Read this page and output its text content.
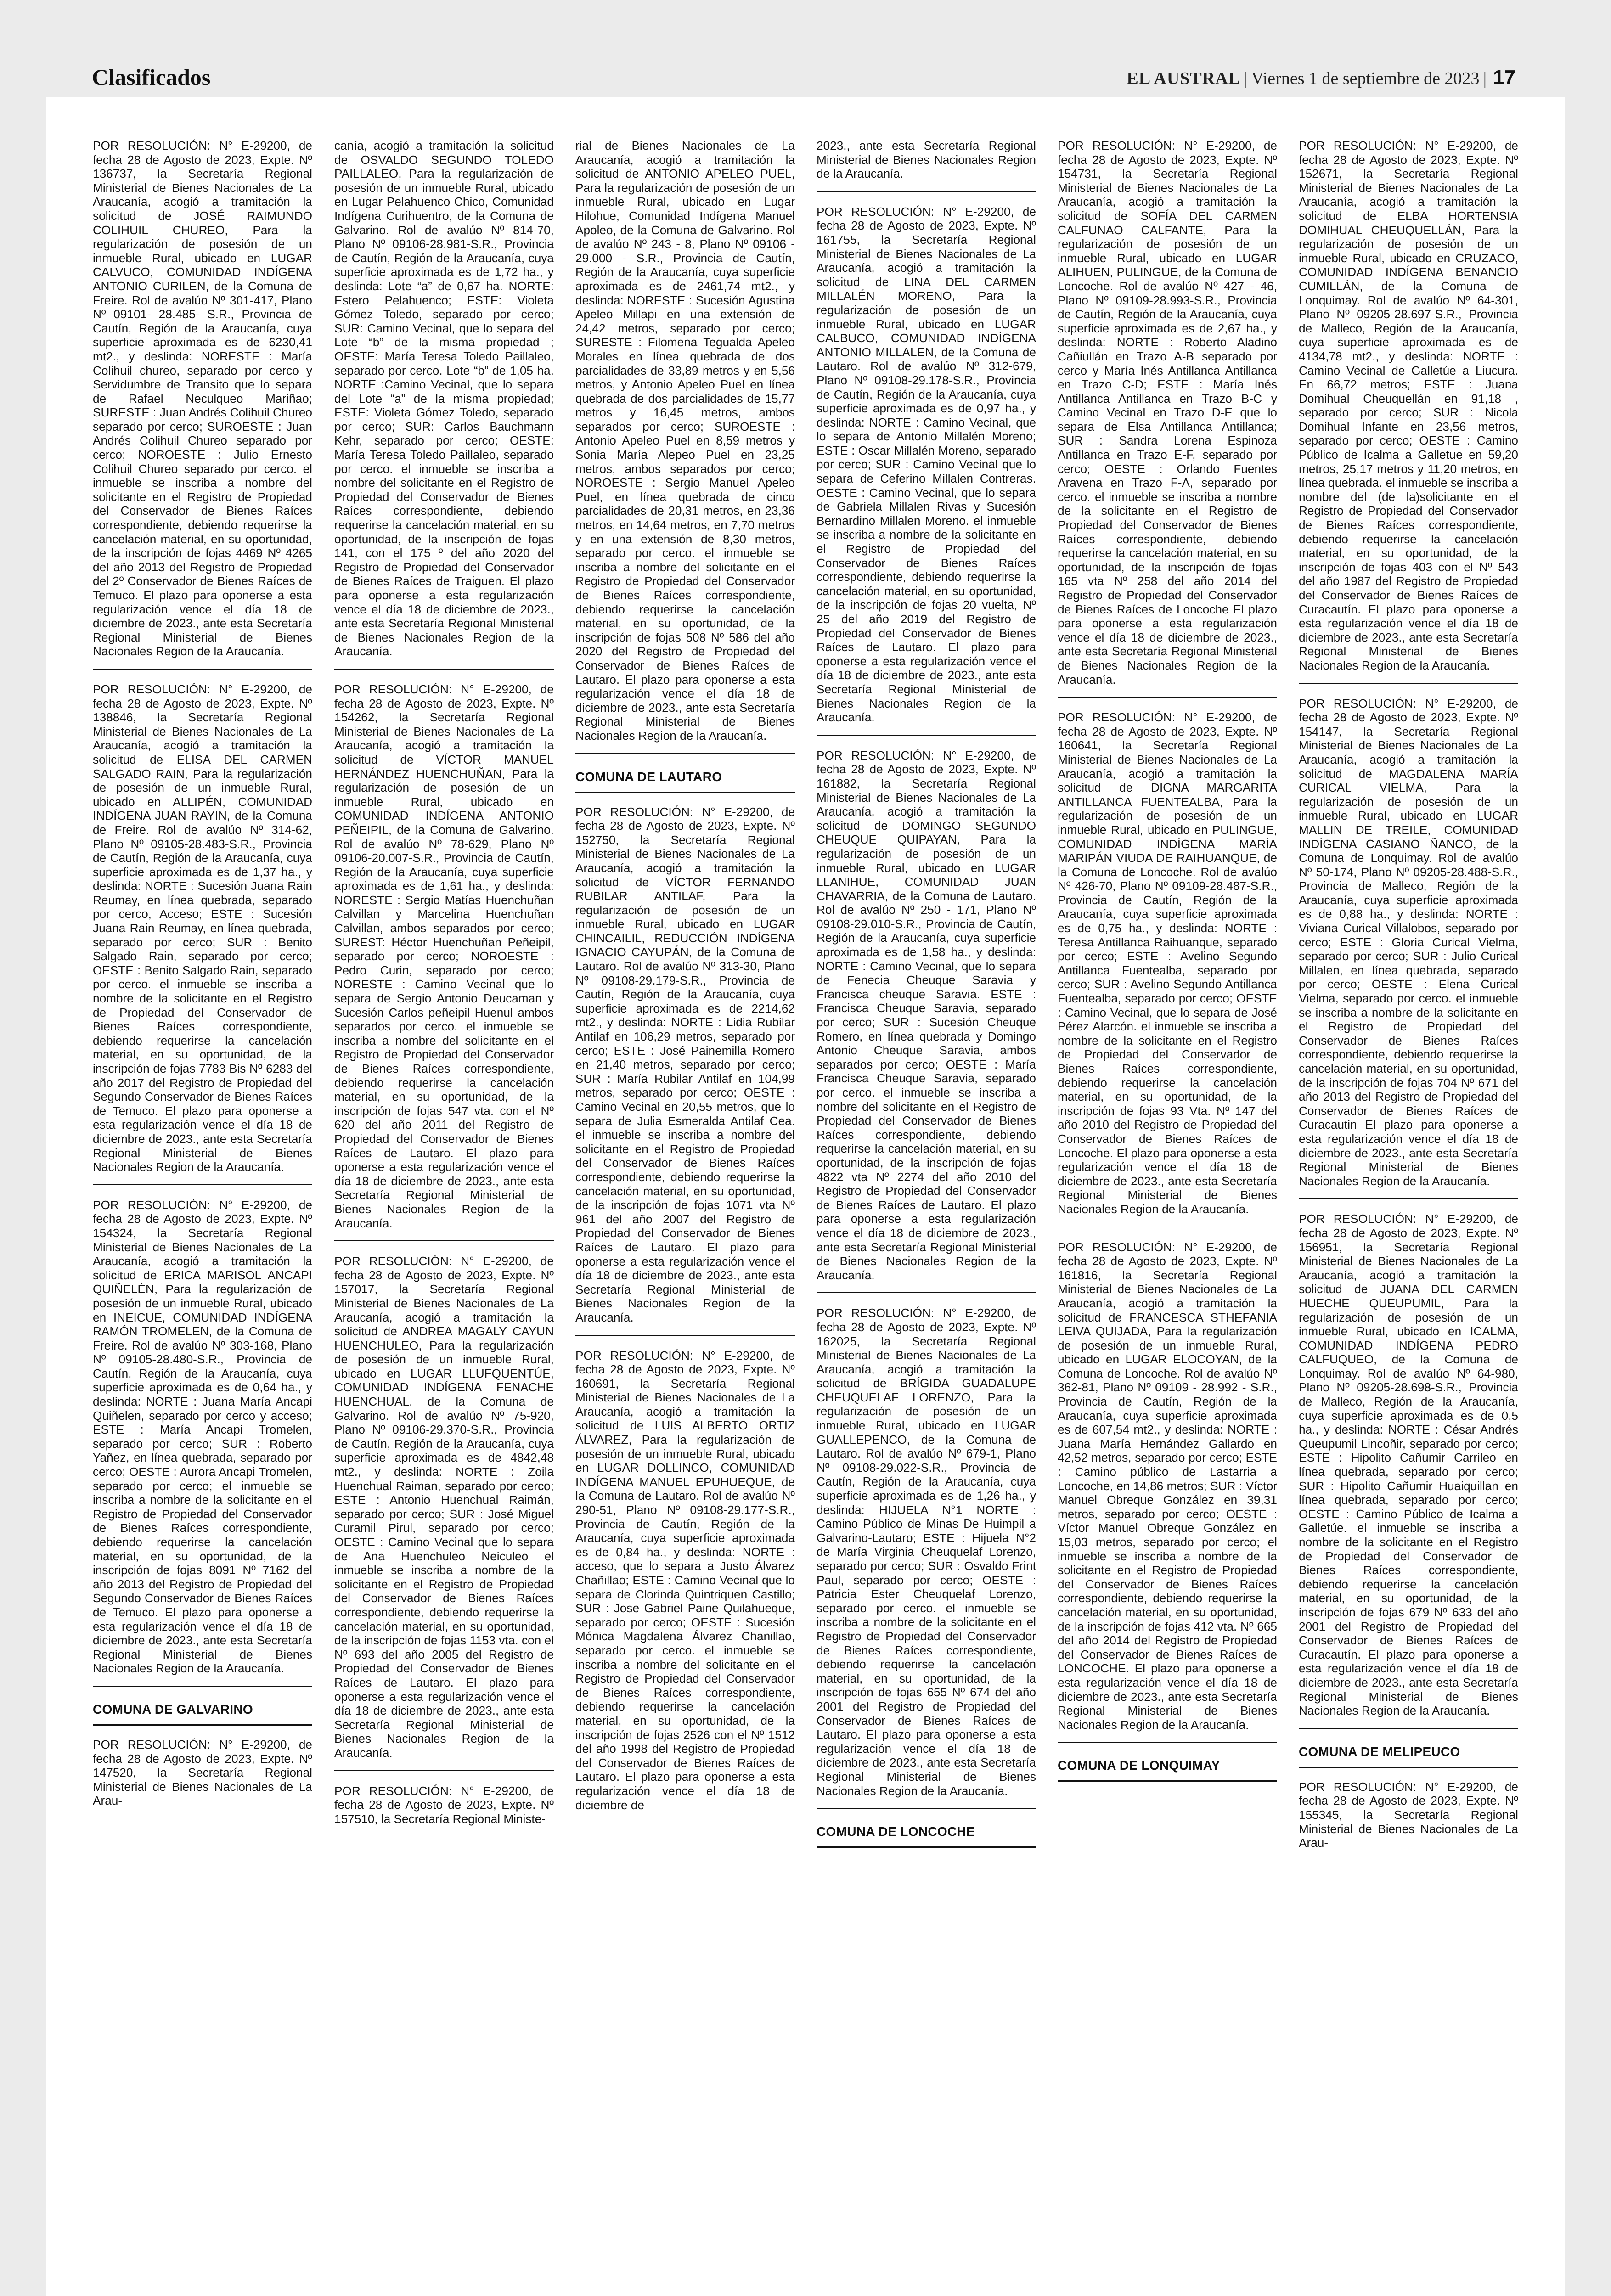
Clasificados	EL AUSTRAL | Viernes 1 de septiembre de 2023 | 17
POR RESOLUCIÓN: N° E-29200, de fecha 28 de Agosto de 2023, Expte. Nº 136737, la Secretaría Regional Ministerial de Bienes Nacionales de La Araucanía, acogió a tramitación la solicitud de JOSÉ RAIMUNDO COLIHUIL CHUREO, Para la regularización de posesión de un inmueble Rural, ubicado en LUGAR CALVUCO, COMUNIDAD INDÍGENA ANTONIO CURILEN, de la Comuna de Freire. Rol de avalúo Nº 301-417, Plano Nº 09101- 28.485- S.R., Provincia de Cautín, Región de la Araucanía, cuya superficie aproximada es de 6230,41 mt2., y deslinda: NORESTE : María Colihuil chureo, separado por cerco y Servidumbre de Transito que lo separa de Rafael Neculqueo Mariñao; SURESTE : Juan Andrés Colihuil Chureo separado por cerco; SUROESTE : Juan Andrés Colihuil Chureo separado por cerco; NOROESTE : Julio Ernesto Colihuil Chureo separado por cerco. el inmueble se inscriba a nombre del solicitante en el Registro de Propiedad del Conservador de Bienes Raíces correspondiente, debiendo requerirse la cancelación material, en su oportunidad, de la inscripción de fojas 4469 Nº 4265 del año 2013 del Registro de Propiedad del 2º Conservador de Bienes Raíces de Temuco. El plazo para oponerse a esta regularización vence el día 18 de diciembre de 2023., ante esta Secretaría Regional Ministerial de Bienes Nacionales Region de la Araucanía.
POR RESOLUCIÓN: N° E-29200, de fecha 28 de Agosto de 2023, Expte. Nº 138846, la Secretaría Regional Ministerial de Bienes Nacionales de La Araucanía, acogió a tramitación la solicitud de ELISA DEL CARMEN SALGADO RAIN, Para la regularización de posesión de un inmueble Rural, ubicado en ALLIPÉN, COMUNIDAD INDÍGENA JUAN RAYIN, de la Comuna de Freire. Rol de avalúo Nº 314-62, Plano Nº 09105-28.483-S.R., Provincia de Cautín, Región de la Araucanía, cuya superficie aproximada es de 1,37 ha., y deslinda: NORTE : Sucesión Juana Rain Reumay, en línea quebrada, separado por cerco, Acceso; ESTE : Sucesión Juana Rain Reumay, en línea quebrada, separado por cerco; SUR : Benito Salgado Rain, separado por cerco; OESTE : Benito Salgado Rain, separado por cerco. el inmueble se inscriba a nombre de la solicitante en el Registro de Propiedad del Conservador de Bienes Raíces correspondiente, debiendo requerirse la cancelación material, en su oportunidad, de la inscripción de fojas 7783 Bis Nº 6283 del año 2017 del Registro de Propiedad del Segundo Conservador de Bienes Raíces de Temuco. El plazo para oponerse a esta regularización vence el día 18 de diciembre de 2023., ante esta Secretaría Regional Ministerial de Bienes Nacionales Region de la Araucanía.
POR RESOLUCIÓN: N° E-29200, de fecha 28 de Agosto de 2023, Expte. Nº 154324, la Secretaría Regional Ministerial de Bienes Nacionales de La Araucanía, acogió a tramitación la solicitud de ERICA MARISOL ANCAPI QUIÑELÉN, Para la regularización de posesión de un inmueble Rural, ubicado en INEICUE, COMUNIDAD INDÍGENA RAMÓN TROMELEN, de la Comuna de Freire. Rol de avalúo Nº 303-168, Plano Nº 09105-28.480-S.R., Provincia de Cautín, Región de la Araucanía, cuya superficie aproximada es de 0,64 ha., y deslinda: NORTE : Juana María Ancapi Quiñelen, separado por cerco y acceso; ESTE : María Ancapi Tromelen, separado por cerco; SUR : Roberto Yañez, en línea quebrada, separado por cerco; OESTE : Aurora Ancapi Tromelen, separado por cerco; el inmueble se inscriba a nombre de la solicitante en el Registro de Propiedad del Conservador de Bienes Raíces correspondiente, debiendo requerirse la cancelación material, en su oportunidad, de la inscripción de fojas 8091 Nº 7162 del año 2013 del Registro de Propiedad del Segundo Conservador de Bienes Raíces de Temuco. El plazo para oponerse a esta regularización vence el día 18 de diciembre de 2023., ante esta Secretaría Regional Ministerial de Bienes Nacionales Region de la Araucanía.
COMUNA DE GALVARINO
POR RESOLUCIÓN: N° E-29200, de fecha 28 de Agosto de 2023, Expte. Nº 147520, la Secretaría Regional Ministerial de Bienes Nacionales de La Arau-
canía, acogió a tramitación la solicitud de OSVALDO SEGUNDO TOLEDO PAILLALEO, Para la regularización de posesión de un inmueble Rural, ubicado en Lugar Pelahuenco Chico, Comunidad Indígena Curihuentro, de la Comuna de Galvarino. Rol de avalúo Nº 814-70, Plano Nº 09106-28.981-S.R., Provincia de Cautín, Región de la Araucanía, cuya superficie aproximada es de 1,72 ha., y deslinda: Lote “a” de 0,67 ha. NORTE: Estero Pelahuenco; ESTE: Violeta Gómez Toledo, separado por cerco; SUR: Camino Vecinal, que lo separa del Lote “b” de la misma propiedad ; OESTE: María Teresa Toledo Paillaleo, separado por cerco. Lote “b” de 1,05 ha. NORTE :Camino Vecinal, que lo separa del Lote “a” de la misma propiedad; ESTE: Violeta Gómez Toledo, separado por cerco; SUR: Carlos Bauchmann Kehr, separado por cerco; OESTE: María Teresa Toledo Paillaleo, separado por cerco. el inmueble se inscriba a nombre del solicitante en el Registro de Propiedad del Conservador de Bienes Raíces correspondiente, debiendo requerirse la cancelación material, en su oportunidad, de la inscripción de fojas 141, con el 175 º del año 2020 del Registro de Propiedad del Conservador de Bienes Raíces de Traiguen. El plazo para oponerse a esta regularización vence el día 18 de diciembre de 2023., ante esta Secretaría Regional Ministerial de Bienes Nacionales Region de la Araucanía.
POR RESOLUCIÓN: N° E-29200, de fecha 28 de Agosto de 2023, Expte. Nº 154262, la Secretaría Regional Ministerial de Bienes Nacionales de La Araucanía, acogió a tramitación la solicitud de VÍCTOR MANUEL HERNÁNDEZ HUENCHUÑAN, Para la regularización de posesión de un inmueble Rural, ubicado en COMUNIDAD INDÍGENA ANTONIO PEÑEIPIL, de la Comuna de Galvarino. Rol de avalúo Nº 78-629, Plano Nº 09106-20.007-S.R., Provincia de Cautín, Región de la Araucanía, cuya superficie aproximada es de 1,61 ha., y deslinda: NORESTE : Sergio Matías Huenchuñan Calvillan y Marcelina Huenchuñan Calvillan, ambos separados por cerco; SUREST: Héctor Huenchuñan Peñeipil, separado por cerco; NOROESTE : Pedro Curin, separado por cerco; NORESTE : Camino Vecinal que lo separa de Sergio Antonio Deucaman y Sucesión Carlos peñeipil Huenul ambos separados por cerco. el inmueble se inscriba a nombre del solicitante en el Registro de Propiedad del Conservador de Bienes Raíces correspondiente, debiendo requerirse la cancelación material, en su oportunidad, de la inscripción de fojas 547 vta. con el Nº 620 del año 2011 del Registro de Propiedad del Conservador de Bienes Raíces de Lautaro. El plazo para oponerse a esta regularización vence el día 18 de diciembre de 2023., ante esta Secretaría Regional Ministerial de Bienes Nacionales Region de la Araucanía.
POR RESOLUCIÓN: N° E-29200, de fecha 28 de Agosto de 2023, Expte. Nº 157017, la Secretaría Regional Ministerial de Bienes Nacionales de La Araucanía, acogió a tramitación la solicitud de ANDREA MAGALY CAYUN HUENCHULEO, Para la regularización de posesión de un inmueble Rural, ubicado en LUGAR LLUFQUENTÚE, COMUNIDAD INDÍGENA FENACHE HUENCHUAL, de la Comuna de Galvarino. Rol de avalúo Nº 75-920, Plano Nº 09106-29.370-S.R., Provincia de Cautín, Región de la Araucanía, cuya superficie aproximada es de 4842,48 mt2., y deslinda: NORTE : Zoila Huenchual Raiman, separado por cerco; ESTE : Antonio Huenchual Raimán, separado por cerco; SUR : José Miguel Curamil Pirul, separado por cerco; OESTE : Camino Vecinal que lo separa de Ana Huenchuleo Neiculeo el inmueble se inscriba a nombre de la solicitante en el Registro de Propiedad del Conservador de Bienes Raíces correspondiente, debiendo requerirse la cancelación material, en su oportunidad, de la inscripción de fojas 1153 vta. con el Nº 693 del año 2005 del Registro de Propiedad del Conservador de Bienes Raíces de Lautaro. El plazo para oponerse a esta regularización vence el día 18 de diciembre de 2023., ante esta Secretaría Regional Ministerial de Bienes Nacionales Region de la Araucanía.
POR RESOLUCIÓN: N° E-29200, de fecha 28 de Agosto de 2023, Expte. Nº 157510, la Secretaría Regional Ministe-
rial de Bienes Nacionales de La Araucanía, acogió a tramitación la solicitud de ANTONIO APELEO PUEL, Para la regularización de posesión de un inmueble Rural, ubicado en Lugar Hilohue, Comunidad Indígena Manuel Apoleo, de la Comuna de Galvarino. Rol de avalúo Nº 243 - 8, Plano Nº 09106 - 29.000 - S.R., Provincia de Cautín, Región de la Araucanía, cuya superficie aproximada es de 2461,74 mt2., y deslinda: NORESTE : Sucesión Agustina Apeleo Millapi en una extensión de 24,42 metros, separado por cerco; SURESTE : Filomena Tegualda Apeleo Morales en línea quebrada de dos parcialidades de 33,89 metros y en 5,56 metros, y Antonio Apeleo Puel en línea quebrada de dos parcialidades de 15,77 metros y 16,45 metros, ambos separados por cerco; SUROESTE : Antonio Apeleo Puel en 8,59 metros y Sonia María Alepeo Puel en 23,25 metros, ambos separados por cerco; NOROESTE : Sergio Manuel Apeleo Puel, en línea quebrada de cinco parcialidades de 20,31 metros, en 23,36 metros, en 14,64 metros, en 7,70 metros y en una extensión de 8,30 metros, separado por cerco. el inmueble se inscriba a nombre del solicitante en el Registro de Propiedad del Conservador de Bienes Raíces correspondiente, debiendo requerirse la cancelación material, en su oportunidad, de la inscripción de fojas 508 Nº 586 del año 2020 del Registro de Propiedad del Conservador de Bienes Raíces de Lautaro. El plazo para oponerse a esta regularización vence el día 18 de diciembre de 2023., ante esta Secretaría Regional Ministerial de Bienes Nacionales Region de la Araucanía.
COMUNA DE LAUTARO
POR RESOLUCIÓN: N° E-29200, de fecha 28 de Agosto de 2023, Expte. Nº 152750, la Secretaría Regional Ministerial de Bienes Nacionales de La Araucanía, acogió a tramitación la solicitud de VÍCTOR FERNANDO RUBILAR ANTILAF, Para la regularización de posesión de un inmueble Rural, ubicado en LUGAR CHINCAILIL, REDUCCIÓN INDÍGENA IGNACIO CAYUPÁN, de la Comuna de Lautaro. Rol de avalúo Nº 313-30, Plano Nº 09108-29.179-S.R., Provincia de Cautín, Región de la Araucanía, cuya superficie aproximada es de 2214,62 mt2., y deslinda: NORTE : Lidia Rubilar Antilaf en 106,29 metros, separado por cerco; ESTE : José Painemilla Romero en 21,40 metros, separado por cerco; SUR : María Rubilar Antilaf en 104,99 metros, separado por cerco; OESTE : Camino Vecinal en 20,55 metros, que lo separa de Julia Esmeralda Antilaf Cea. el inmueble se inscriba a nombre del solicitante en el Registro de Propiedad del Conservador de Bienes Raíces correspondiente, debiendo requerirse la cancelación material, en su oportunidad, de la inscripción de fojas 1071 vta Nº 961 del año 2007 del Registro de Propiedad del Conservador de Bienes Raíces de Lautaro. El plazo para oponerse a esta regularización vence el día 18 de diciembre de 2023., ante esta Secretaría Regional Ministerial de Bienes Nacionales Region de la Araucanía.
POR RESOLUCIÓN: N° E-29200, de fecha 28 de Agosto de 2023, Expte. Nº 160691, la Secretaría Regional Ministerial de Bienes Nacionales de La Araucanía, acogió a tramitación la solicitud de LUIS ALBERTO ORTIZ ÁLVAREZ, Para la regularización de posesión de un inmueble Rural, ubicado en LUGAR DOLLINCO, COMUNIDAD INDÍGENA MANUEL EPUHUEQUE, de la Comuna de Lautaro. Rol de avalúo Nº 290-51, Plano Nº 09108-29.177-S.R., Provincia de Cautín, Región de la Araucanía, cuya superficie aproximada es de 0,84 ha., y deslinda: NORTE : acceso, que lo separa a Justo Álvarez Chañillao; ESTE : Camino Vecinal que lo separa de Clorinda Quintriquen Castillo; SUR : Jose Gabriel Paine Quilahueque, separado por cerco; OESTE : Sucesión Mónica Magdalena Álvarez Chanillao, separado por cerco. el inmueble se inscriba a nombre del solicitante en el Registro de Propiedad del Conservador de Bienes Raíces correspondiente, debiendo requerirse la cancelación material, en su oportunidad, de la inscripción de fojas 2526 con el Nº 1512 del año 1998 del Registro de Propiedad del Conservador de Bienes Raíces de Lautaro. El plazo para oponerse a esta regularización vence el día 18 de diciembre de
2023., ante esta Secretaría Regional Ministerial de Bienes Nacionales Region de la Araucanía.
POR RESOLUCIÓN: N° E-29200, de fecha 28 de Agosto de 2023, Expte. Nº 161755, la Secretaría Regional Ministerial de Bienes Nacionales de La Araucanía, acogió a tramitación la solicitud de LINA DEL CARMEN MILLALÉN MORENO, Para la regularización de posesión de un inmueble Rural, ubicado en LUGAR CALBUCO, COMUNIDAD INDÍGENA ANTONIO MILLALEN, de la Comuna de Lautaro. Rol de avalúo Nº 312-679, Plano Nº 09108-29.178-S.R., Provincia de Cautín, Región de la Araucanía, cuya superficie aproximada es de 0,97 ha., y deslinda: NORTE : Camino Vecinal, que lo separa de Antonio Millalén Moreno; ESTE : Oscar Millalén Moreno, separado por cerco; SUR : Camino Vecinal que lo separa de Ceferino Millalen Contreras. OESTE : Camino Vecinal, que lo separa de Gabriela Millalen Rivas y Sucesión Bernardino Millalen Moreno. el inmueble se inscriba a nombre de la solicitante en el Registro de Propiedad del Conservador de Bienes Raíces correspondiente, debiendo requerirse la cancelación material, en su oportunidad, de la inscripción de fojas 20 vuelta, Nº 25 del año 2019 del Registro de Propiedad del Conservador de Bienes Raíces de Lautaro. El plazo para oponerse a esta regularización vence el día 18 de diciembre de 2023., ante esta Secretaría Regional Ministerial de Bienes Nacionales Region de la Araucanía.
POR RESOLUCIÓN: N° E-29200, de fecha 28 de Agosto de 2023, Expte. Nº 161882, la Secretaría Regional Ministerial de Bienes Nacionales de La Araucanía, acogió a tramitación la solicitud de DOMINGO SEGUNDO CHEUQUE QUIPAYAN, Para la regularización de posesión de un inmueble Rural, ubicado en LUGAR LLANIHUE, COMUNIDAD JUAN CHAVARRIA, de la Comuna de Lautaro. Rol de avalúo Nº 250 - 171, Plano Nº 09108-29.010-S.R., Provincia de Cautín, Región de la Araucanía, cuya superficie aproximada es de 1,58 ha., y deslinda: NORTE : Camino Vecinal, que lo separa de Fenecia Cheuque Saravia y Francisca cheuque Saravia. ESTE : Francisca Cheuque Saravia, separado por cerco; SUR : Sucesión Cheuque Romero, en línea quebrada y Domingo Antonio Cheuque Saravia, ambos separados por cerco; OESTE : María Francisca Cheuque Saravia, separado por cerco. el inmueble se inscriba a nombre del solicitante en el Registro de Propiedad del Conservador de Bienes Raíces correspondiente, debiendo requerirse la cancelación material, en su oportunidad, de la inscripción de fojas 4822 vta Nº 2274 del año 2010 del Registro de Propiedad del Conservador de Bienes Raíces de Lautaro. El plazo para oponerse a esta regularización vence el día 18 de diciembre de 2023., ante esta Secretaría Regional Ministerial de Bienes Nacionales Region de la Araucanía.
POR RESOLUCIÓN: N° E-29200, de fecha 28 de Agosto de 2023, Expte. Nº 162025, la Secretaría Regional Ministerial de Bienes Nacionales de La Araucanía, acogió a tramitación la solicitud de BRÍGIDA GUADALUPE CHEUQUELAF LORENZO, Para la regularización de posesión de un inmueble Rural, ubicado en LUGAR GUALLEPENCO, de la Comuna de Lautaro. Rol de avalúo Nº 679-1, Plano Nº 09108-29.022-S.R., Provincia de Cautín, Región de la Araucanía, cuya superficie aproximada es de 1,26 ha., y deslinda: HIJUELA N°1 NORTE : Camino Público de Minas De Huimpil a Galvarino-Lautaro; ESTE : Hijuela N°2 de María Virginia Cheuquelaf Lorenzo, separado por cerco; SUR : Osvaldo Frint Paul, separado por cerco; OESTE : Patricia Ester Cheuquelaf Lorenzo, separado por cerco. el inmueble se inscriba a nombre de la solicitante en el Registro de Propiedad del Conservador de Bienes Raíces correspondiente, debiendo requerirse la cancelación material, en su oportunidad, de la inscripción de fojas 655 Nº 674 del año 2001 del Registro de Propiedad del Conservador de Bienes Raíces de Lautaro. El plazo para oponerse a esta regularización vence el día 18 de diciembre de 2023., ante esta Secretaría Regional Ministerial de Bienes Nacionales Region de la Araucanía.
COMUNA DE LONCOCHE
POR RESOLUCIÓN: N° E-29200, de fecha 28 de Agosto de 2023, Expte. Nº 154731, la Secretaría Regional Ministerial de Bienes Nacionales de La Araucanía, acogió a tramitación la solicitud de SOFÍA DEL CARMEN CALFUNAO CALFANTE, Para la regularización de posesión de un inmueble Rural, ubicado en LUGAR ALIHUEN, PULINGUE, de la Comuna de Loncoche. Rol de avalúo Nº 427 - 46, Plano Nº 09109-28.993-S.R., Provincia de Cautín, Región de la Araucanía, cuya superficie aproximada es de 2,67 ha., y deslinda: NORTE : Roberto Aladino Cañiullán en Trazo A-B separado por cerco y María Inés Antillanca Antillanca en Trazo C-D; ESTE : María Inés Antillanca Antillanca en Trazo B-C y Camino Vecinal en Trazo D-E que lo separa de Elsa Antillanca Antillanca; SUR : Sandra Lorena Espinoza Antillanca en Trazo E-F, separado por cerco; OESTE : Orlando Fuentes Aravena en Trazo F-A, separado por cerco. el inmueble se inscriba a nombre de la solicitante en el Registro de Propiedad del Conservador de Bienes Raíces correspondiente, debiendo requerirse la cancelación material, en su oportunidad, de la inscripción de fojas 165 vta Nº 258 del año 2014 del Registro de Propiedad del Conservador de Bienes Raíces de Loncoche El plazo para oponerse a esta regularización vence el día 18 de diciembre de 2023., ante esta Secretaría Regional Ministerial de Bienes Nacionales Region de la Araucanía.
POR RESOLUCIÓN: N° E-29200, de fecha 28 de Agosto de 2023, Expte. Nº 160641, la Secretaría Regional Ministerial de Bienes Nacionales de La Araucanía, acogió a tramitación la solicitud de DIGNA MARGARITA ANTILLANCA FUENTEALBA, Para la regularización de posesión de un inmueble Rural, ubicado en PULINGUE, COMUNIDAD INDÍGENA MARÍA MARIPÁN VIUDA DE RAIHUANQUE, de la Comuna de Loncoche. Rol de avalúo Nº 426-70, Plano Nº 09109-28.487-S.R., Provincia de Cautín, Región de la Araucanía, cuya superficie aproximada es de 0,75 ha., y deslinda: NORTE : Teresa Antillanca Raihuanque, separado por cerco; ESTE : Avelino Segundo Antillanca Fuentealba, separado por cerco; SUR : Avelino Segundo Antillanca Fuentealba, separado por cerco; OESTE : Camino Vecinal, que lo separa de José Pérez Alarcón. el inmueble se inscriba a nombre de la solicitante en el Registro de Propiedad del Conservador de Bienes Raíces correspondiente, debiendo requerirse la cancelación material, en su oportunidad, de la inscripción de fojas 93 Vta. Nº 147 del año 2010 del Registro de Propiedad del Conservador de Bienes Raíces de Loncoche. El plazo para oponerse a esta regularización vence el día 18 de diciembre de 2023., ante esta Secretaría Regional Ministerial de Bienes Nacionales Region de la Araucanía.
POR RESOLUCIÓN: N° E-29200, de fecha 28 de Agosto de 2023, Expte. Nº 161816, la Secretaría Regional Ministerial de Bienes Nacionales de La Araucanía, acogió a tramitación la solicitud de FRANCESCA STHEFANIA LEIVA QUIJADA, Para la regularización de posesión de un inmueble Rural, ubicado en LUGAR ELOCOYAN, de la Comuna de Loncoche. Rol de avalúo Nº 362-81, Plano Nº 09109 - 28.992 - S.R., Provincia de Cautín, Región de la Araucanía, cuya superficie aproximada es de 607,54 mt2., y deslinda: NORTE : Juana María Hernández Gallardo en 42,52 metros, separado por cerco; ESTE : Camino público de Lastarria a Loncoche, en 14,86 metros; SUR : Víctor Manuel Obreque González en 39,31 metros, separado por cerco; OESTE : Víctor Manuel Obreque González en 15,03 metros, separado por cerco; el inmueble se inscriba a nombre de la solicitante en el Registro de Propiedad del Conservador de Bienes Raíces correspondiente, debiendo requerirse la cancelación material, en su oportunidad, de la inscripción de fojas 412 vta. Nº 665 del año 2014 del Registro de Propiedad del Conservador de Bienes Raíces de LONCOCHE. El plazo para oponerse a esta regularización vence el día 18 de diciembre de 2023., ante esta Secretaría Regional Ministerial de Bienes Nacionales Region de la Araucanía.
COMUNA DE LONQUIMAY
POR RESOLUCIÓN: N° E-29200, de fecha 28 de Agosto de 2023, Expte. Nº 152671, la Secretaría Regional Ministerial de Bienes Nacionales de La Araucanía, acogió a tramitación la solicitud de ELBA HORTENSIA DOMIHUAL CHEUQUELLÁN, Para la regularización de posesión de un inmueble Rural, ubicado en CRUZACO, COMUNIDAD INDÍGENA BENANCIO CUMILLÁN, de la Comuna de Lonquimay. Rol de avalúo Nº 64-301, Plano Nº 09205-28.697-S.R., Provincia de Malleco, Región de la Araucanía, cuya superficie aproximada es de 4134,78 mt2., y deslinda: NORTE : Camino Vecinal de Galletúe a Liucura. En 66,72 metros; ESTE : Juana Domihual Cheuquellán en 91,18 , separado por cerco; SUR : Nicola Domihual Infante en 23,56 metros, separado por cerco; OESTE : Camino Público de Icalma a Galletue en 59,20 metros, 25,17 metros y 11,20 metros, en línea quebrada. el inmueble se inscriba a nombre del (de la)solicitante en el Registro de Propiedad del Conservador de Bienes Raíces correspondiente, debiendo requerirse la cancelación material, en su oportunidad, de la inscripción de fojas 403 con el Nº 543 del año 1987 del Registro de Propiedad del Conservador de Bienes Raíces de Curacautín. El plazo para oponerse a esta regularización vence el día 18 de diciembre de 2023., ante esta Secretaría Regional Ministerial de Bienes Nacionales Region de la Araucanía.
POR RESOLUCIÓN: N° E-29200, de fecha 28 de Agosto de 2023, Expte. Nº 154147, la Secretaría Regional Ministerial de Bienes Nacionales de La Araucanía, acogió a tramitación la solicitud de MAGDALENA MARÍA CURICAL VIELMA, Para la regularización de posesión de un inmueble Rural, ubicado en LUGAR MALLIN DE TREILE, COMUNIDAD INDÍGENA CASIANO ÑANCO, de la Comuna de Lonquimay. Rol de avalúo Nº 50-174, Plano Nº 09205-28.488-S.R., Provincia de Malleco, Región de la Araucanía, cuya superficie aproximada es de 0,88 ha., y deslinda: NORTE : Viviana Curical Villalobos, separado por cerco; ESTE : Gloria Curical Vielma, separado por cerco; SUR : Julio Curical Millalen, en línea quebrada, separado por cerco; OESTE : Elena Curical Vielma, separado por cerco. el inmueble se inscriba a nombre de la solicitante en el Registro de Propiedad del Conservador de Bienes Raíces correspondiente, debiendo requerirse la cancelación material, en su oportunidad, de la inscripción de fojas 704 Nº 671 del año 2013 del Registro de Propiedad del Conservador de Bienes Raíces de Curacautin El plazo para oponerse a esta regularización vence el día 18 de diciembre de 2023., ante esta Secretaría Regional Ministerial de Bienes Nacionales Region de la Araucanía.
POR RESOLUCIÓN: N° E-29200, de fecha 28 de Agosto de 2023, Expte. Nº 156951, la Secretaría Regional Ministerial de Bienes Nacionales de La Araucanía, acogió a tramitación la solicitud de JUANA DEL CARMEN HUECHE QUEUPUMIL, Para la regularización de posesión de un inmueble Rural, ubicado en ICALMA, COMUNIDAD INDÍGENA PEDRO CALFUQUEO, de la Comuna de Lonquimay. Rol de avalúo Nº 64-980, Plano Nº 09205-28.698-S.R., Provincia de Malleco, Región de la Araucanía, cuya superficie aproximada es de 0,5 ha., y deslinda: NORTE : César Andrés Queupumil Lincoñir, separado por cerco; ESTE : Hipolito Cañumir Carrileo en línea quebrada, separado por cerco; SUR : Hipolito Cañumir Huaiquillan en línea quebrada, separado por cerco; OESTE : Camino Público de Icalma a Galletúe. el inmueble se inscriba a nombre de la solicitante en el Registro de Propiedad del Conservador de Bienes Raíces correspondiente, debiendo requerirse la cancelación material, en su oportunidad, de la inscripción de fojas 679 Nº 633 del año 2001 del Registro de Propiedad del Conservador de Bienes Raíces de Curacautín. El plazo para oponerse a esta regularización vence el día 18 de diciembre de 2023., ante esta Secretaría Regional Ministerial de Bienes Nacionales Region de la Araucanía.
COMUNA DE MELIPEUCO
POR RESOLUCIÓN: N° E-29200, de fecha 28 de Agosto de 2023, Expte. Nº 155345, la Secretaría Regional Ministerial de Bienes Nacionales de La Arau-
